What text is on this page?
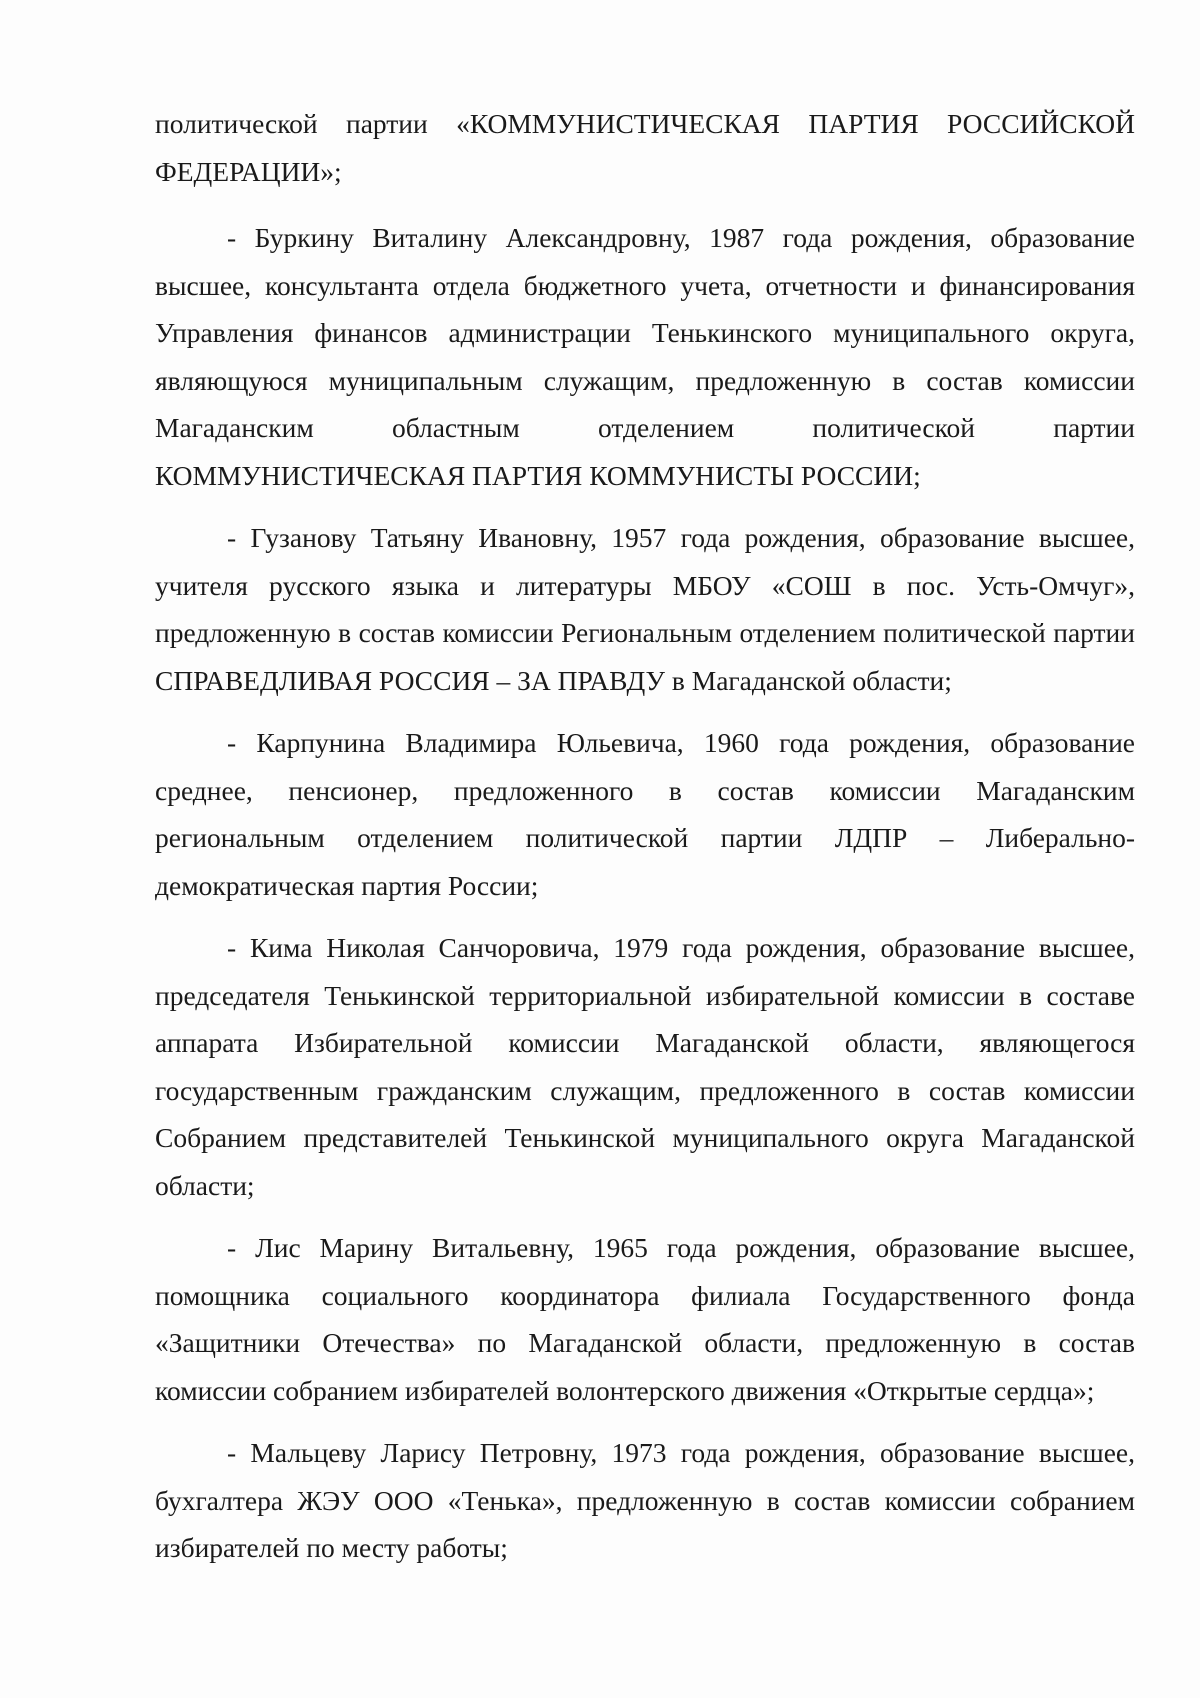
политической партии «КОММУНИСТИЧЕСКАЯ ПАРТИЯ РОССИЙСКОЙ ФЕДЕРАЦИИ»;

- Буркину Виталину Александровну, 1987 года рождения, образование высшее, консультанта отдела бюджетного учета, отчетности и финансирования Управления финансов администрации Тенькинского муниципального округа, являющуюся муниципальным служащим, предложенную в состав комиссии Магаданским областным отделением политической партии КОММУНИСТИЧЕСКАЯ ПАРТИЯ КОММУНИСТЫ РОССИИ;

- Гузанову Татьяну Ивановну, 1957 года рождения, образование высшее, учителя русского языка и литературы МБОУ «СОШ в пос. Усть-Омчуг», предложенную в состав комиссии Региональным отделением политической партии СПРАВЕДЛИВАЯ РОССИЯ – ЗА ПРАВДУ в Магаданской области;

- Карпунина Владимира Юльевича, 1960 года рождения, образование среднее, пенсионер, предложенного в состав комиссии Магаданским региональным отделением политической партии ЛДПР – Либерально-демократическая партия России;

- Кима Николая Санчоровича, 1979 года рождения, образование высшее, председателя Тенькинской территориальной избирательной комиссии в составе аппарата Избирательной комиссии Магаданской области, являющегося государственным гражданским служащим, предложенного в состав комиссии Собранием представителей Тенькинской муниципального округа Магаданской области;

- Лис Марину Витальевну, 1965 года рождения, образование высшее, помощника социального координатора филиала Государственного фонда «Защитники Отечества» по Магаданской области, предложенную в состав комиссии собранием избирателей волонтерского движения «Открытые сердца»;

- Мальцеву Ларису Петровну, 1973 года рождения, образование высшее, бухгалтера ЖЭУ ООО «Тенька», предложенную в состав комиссии собранием избирателей по месту работы;
